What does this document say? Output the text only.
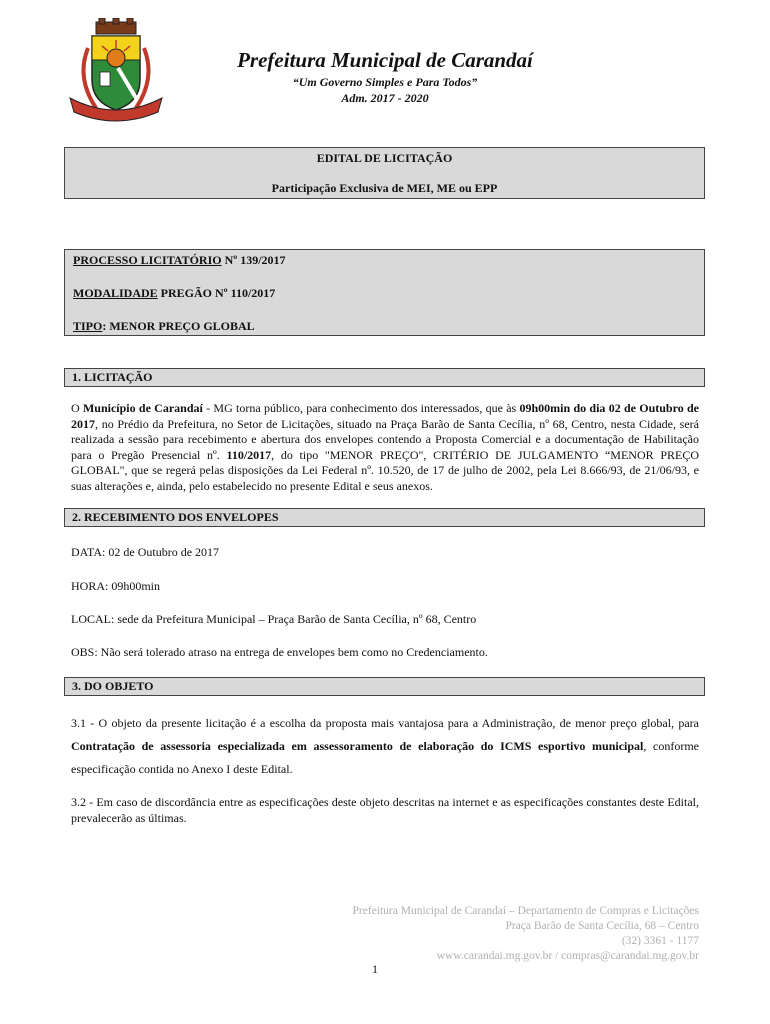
Prefeitura Municipal de Carandaí
“Um Governo Simples e Para Todos”
Adm. 2017 - 2020
EDITAL DE LICITAÇÃO
Participação Exclusiva de MEI, ME ou EPP
PROCESSO LICITATÓRIO Nº 139/2017
MODALIDADE PREGÃO Nº 110/2017
TIPO: MENOR PREÇO GLOBAL
1. LICITAÇÃO
O Município de Carandaí - MG torna público, para conhecimento dos interessados, que às 09h00min do dia 02 de Outubro de 2017, no Prédio da Prefeitura, no Setor de Licitações, situado na Praça Barão de Santa Cecília, nº 68, Centro, nesta Cidade, será realizada a sessão para recebimento e abertura dos envelopes contendo a Proposta Comercial e a documentação de Habilitação para o Pregão Presencial nº. 110/2017, do tipo "MENOR PREÇO", CRITÉRIO DE JULGAMENTO “MENOR PREÇO GLOBAL", que se regerá pelas disposições da Lei Federal nº. 10.520, de 17 de julho de 2002, pela Lei 8.666/93, de 21/06/93, e suas alterações e, ainda, pelo estabelecido no presente Edital e seus anexos.
2. RECEBIMENTO DOS ENVELOPES
DATA: 02 de Outubro de 2017
HORA: 09h00min
LOCAL: sede da Prefeitura Municipal – Praça Barão de Santa Cecília, nº 68, Centro
OBS: Não será tolerado atraso na entrega de envelopes bem como no Credenciamento.
3. DO OBJETO
3.1 - O objeto da presente licitação é a escolha da proposta mais vantajosa para a Administração, de menor preço global, para Contratação de assessoria especializada em assessoramento de elaboração do ICMS esportivo municipal, conforme especificação contida no Anexo I deste Edital.
3.2 - Em caso de discordância entre as especificações deste objeto descritas na internet e as especificações constantes deste Edital, prevalecerão as últimas.
Prefeitura Municipal de Carandaí – Departamento de Compras e Licitações
Praça Barão de Santa Cecília, 68 – Centro
(32) 3361 - 1177
www.carandai.mg.gov.br / compras@carandai.mg.gov.br
1
